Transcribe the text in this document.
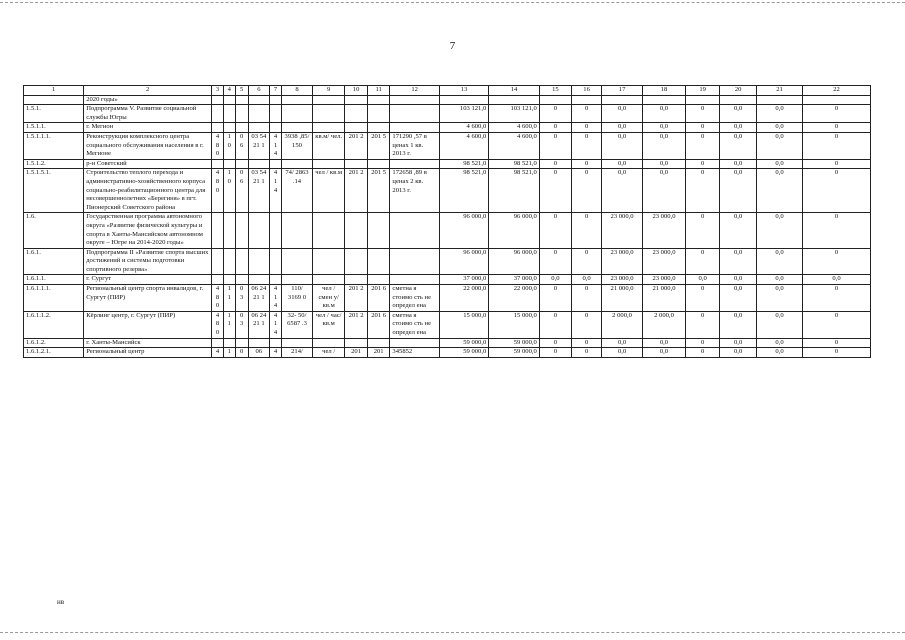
7
1	2	3	4	5	6	7	8	9	10	11	12	13	14	15	16	17	18	19	20	21	22
	2020 годы»																				
1.5.1.	Подпрограмма V. Развитие социальной службы Югры											103 121,0	103 121,0	0	0	0,0	0,0	0	0,0	0,0	0
1.5.1.1.	г. Мегион											4 600,0	4 600,0	0	0	0,0	0,0	0	0,0	0,0	0
1.5.1.1.1.	Реконструкция комплексного центра социального обслуживания населения в г. Мегионе	4 8 0	1 0	0 6	03 54 21 1	4 1 4	3938 ,85/ 150	кв.м/ чел.	201 2	201 5	171290 ,57 в ценах 1 кв. 2013 г.	4 600,0	4 600,0	0	0	0,0	0,0	0	0,0	0,0	0
1.5.1.2.	р-н Советский											98 521,0	98 521,0	0	0	0,0	0,0	0	0,0	0,0	0
1.5.1.5.1.	Строительство теплого перехода и административно-хозяйственного корпуса социально-реабилитационного центра для несовершеннолетних «Берегиня» в пгт. Пионерский Советского района	4 8 0	1 0	0 6	03 54 21 1	4 1 4	74/ 2863 .14	чел / кв.м	201 2	201 5	172658 ,89 в ценах 2 кв. 2013 г.	98 521,0	98 521,0	0	0	0,0	0,0	0	0,0	0,0	0
1.6.	Государственная программа автономного округа «Развитие физической культуры и спорта в Ханты-Мансийском автономном округе – Югре на 2014-2020 годы»											96 000,0	96 000,0	0	0	23 000,0	23 000,0	0	0,0	0,0	0
1.6.1.	Подпрограмма II «Развитие спорта высших достижений и системы подготовки спортивного резерва»											96 000,0	96 000,0	0	0	23 000,0	23 000,0	0	0,0	0,0	0
1.6.1.1.	г. Сургут											37 000,0	37 000,0	0,0	0,0	23 000,0	23 000,0	0,0	0,0	0,0	0,0
1.6.1.1.1.	Региональный центр спорта инвалидов, г. Сургут (ПИР)	4 8 0	1 1	0 3	06 24 21 1	4 1 4	110/ 3169 0	чел / смен у/ кв.м	201 2	201 6	сметна я стоимо сть не определ ена	22 000,0	22 000,0	0	0	21 000,0	21 000,0	0	0,0	0,0	0
1.6.1.1.2.	Кёрлинг центр, г. Сургут (ПИР)	4 8 0	1 1	0 3	06 24 21 1	4 1 4	32- 50/ 6587 .3	чел / час/ кв.м	201 2	201 6	сметна я стоимо сть не определ ена	15 000,0	15 000,0	0	0	2 000,0	2 000,0	0	0,0	0,0	0
1.6.1.2.	г. Ханты-Мансийск											59 000,0	59 000,0	0	0	0,0	0,0	0	0,0	0,0	0
1.6.1.2.1.	Региональный центр	4	1	0	06	4	214/	чел /	201	201	345852	59 000,0	59 000,0	0	0	0,0	0,0	0	0,0	0,0	0
нв
